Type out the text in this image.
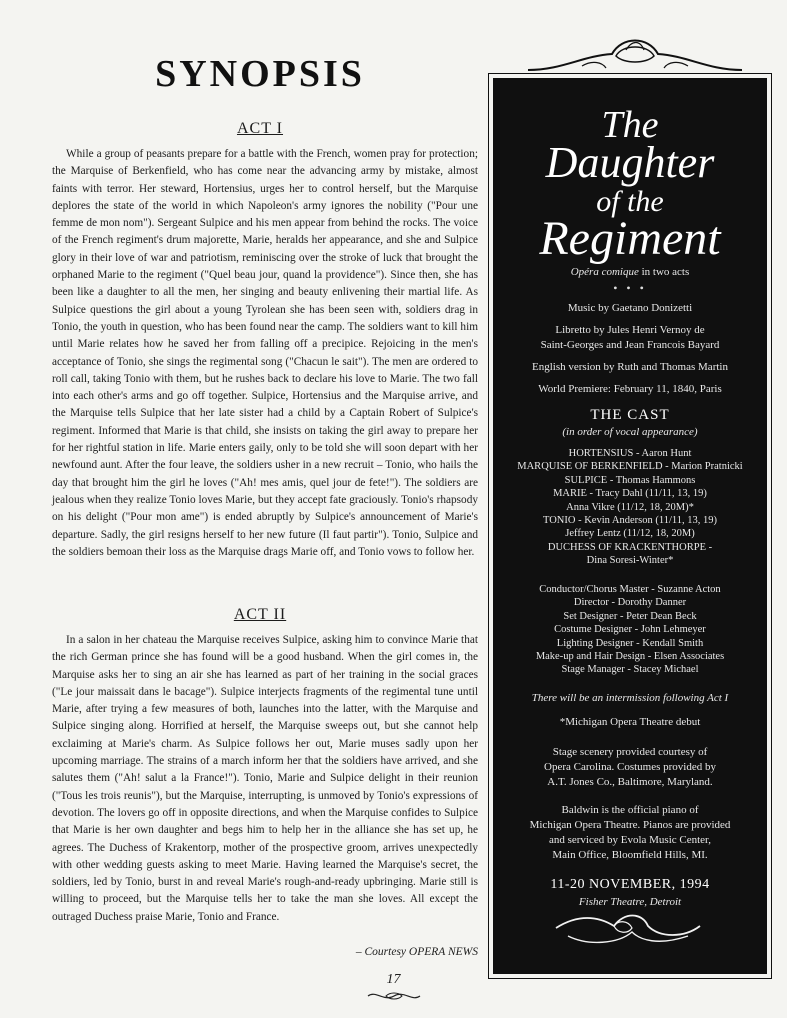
SYNOPSIS
ACT I

While a group of peasants prepare for a battle with the French, women pray for protection; the Marquise of Berkenfield, who has come near the advancing army by mistake, almost faints with terror. Her steward, Hortensius, urges her to control herself, but the Marquise deplores the state of the world in which Napoleon's army ignores the nobility ("Pour une femme de mon nom"). Sergeant Sulpice and his men appear from behind the rocks. The voice of the French regiment's drum majorette, Marie, heralds her appearance, and she and Sulpice glory in their love of war and patriotism, reminiscing over the stroke of luck that brought the orphaned Marie to the regiment ("Quel beau jour, quand la providence"). Since then, she has been like a daughter to all the men, her singing and beauty enlivening their martial life. As Sulpice questions the girl about a young Tyrolean she has been seen with, soldiers drag in Tonio, the youth in question, who has been found near the camp. The soldiers want to kill him until Marie relates how he saved her from falling off a precipice. Rejoicing in the men's acceptance of Tonio, she sings the regimental song ("Chacun le sait"). The men are ordered to roll call, taking Tonio with them, but he rushes back to declare his love to Marie. The two fall into each other's arms and go off together. Sulpice, Hortensius and the Marquise arrive, and the Marquise tells Sulpice that her late sister had a child by a Captain Robert of Sulpice's regiment. Informed that Marie is that child, she insists on taking the girl away to prepare her for her rightful station in life. Marie enters gaily, only to be told she will soon depart with her newfound aunt. After the four leave, the soldiers usher in a new recruit – Tonio, who hails the day that brought him the girl he loves ("Ah! mes amis, quel jour de fete!"). The soldiers are jealous when they realize Tonio loves Marie, but they accept fate graciously. Tonio's rhapsody on his delight ("Pour mon ame") is ended abruptly by Sulpice's announcement of Marie's departure. Sadly, the girl resigns herself to her new future (Il faut partir"). Tonio, Sulpice and the soldiers bemoan their loss as the Marquise drags Marie off, and Tonio vows to follow her.

ACT II

In a salon in her chateau the Marquise receives Sulpice, asking him to convince Marie that the rich German prince she has found will be a good husband. When the girl comes in, the Marquise asks her to sing an air she has learned as part of her training in the social graces ("Le jour maissait dans le bacage"). Sulpice interjects fragments of the regimental tune until Marie, after trying a few measures of both, launches into the latter, with the Marquise and Sulpice singing along. Horrified at herself, the Marquise sweeps out, but she cannot help exclaiming at Marie's charm. As Sulpice follows her out, Marie muses sadly upon her upcoming marriage. The strains of a march inform her that the soldiers have arrived, and she salutes them ("Ah! salut a la France!"). Tonio, Marie and Sulpice delight in their reunion ("Tous les trois reunis"), but the Marquise, interrupting, is unmoved by Tonio's expressions of devotion. The lovers go off in opposite directions, and when the Marquise confides to Sulpice that Marie is her own daughter and begs him to help her in the alliance she has set up, he agrees. The Duchess of Krakentorp, mother of the prospective groom, arrives unexpectedly with other wedding guests asking to meet Marie. Having learned the Marquise's secret, the soldiers, led by Tonio, burst in and reveal Marie's rough-and-ready upbringing. Marie still is willing to proceed, but the Marquise tells her to take the man she loves. All except the outraged Duchess praise Marie, Tonio and France.

– Courtesy OPERA NEWS
17
The
Daughter
of the
Regiment

Opéra comique in two acts

• • •

Music by Gaetano Donizetti

Libretto by Jules Henri Vernoy de

Saint-Georges and Jean Francois Bayard

English version by Ruth and Thomas Martin

World Premiere: February 11, 1840, Paris

THE CAST

(in order of vocal appearance)

HORTENSIUS - Aaron Hunt
MARQUISE OF BERKENFIELD - Marion Pratnicki
SULPICE - Thomas Hammons
MARIE - Tracy Dahl (11/11, 13, 19)
Anna Vikre (11/12, 18, 20M)*
TONIO - Kevin Anderson (11/11, 13, 19)
Jeffrey Lentz (11/12, 18, 20M)
DUCHESS OF KRACKENTHORPE -
Dina Soresi-Winter*
Conductor/Chorus Master - Suzanne Acton
Director - Dorothy Danner
Set Designer - Peter Dean Beck
Costume Designer - John Lehmeyer
Lighting Designer - Kendall Smith
Make-up and Hair Design - Elsen Associates
Stage Manager - Stacey Michael

There will be an intermission following Act I

*Michigan Opera Theatre debut

Stage scenery provided courtesy of

Opera Carolina. Costumes provided by

A.T. Jones Co., Baltimore, Maryland.

Baldwin is the official piano of

Michigan Opera Theatre. Pianos are provided

and serviced by Evola Music Center,

Main Office, Bloomfield Hills, MI.

11-20 NOVEMBER, 1994

Fisher Theatre, Detroit
